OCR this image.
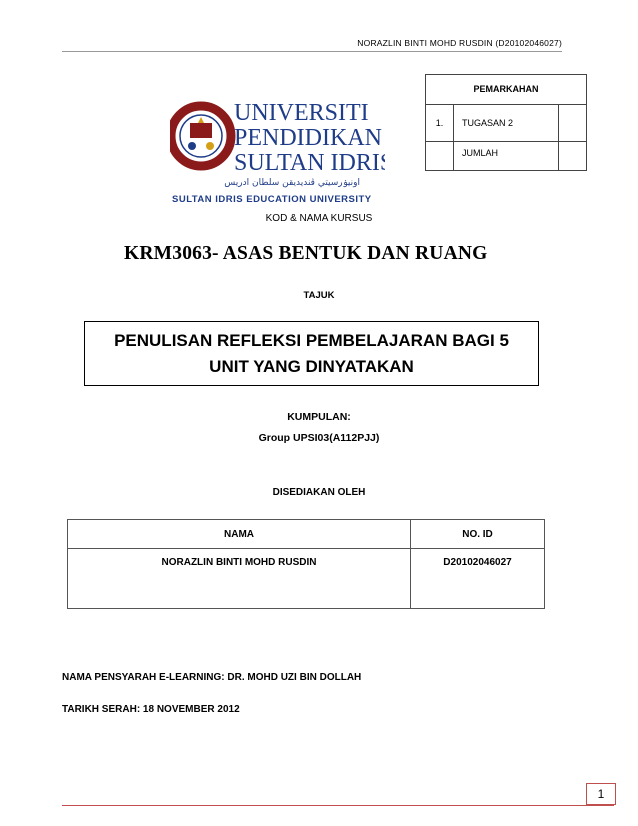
NORAZLIN BINTI MOHD RUSDIN (D20102046027)
PEMARKAHAN		
1.	TUGASAN 2	
	JUMLAH	
UNIVERSITI
PENDIDIKAN
SULTAN IDRIS
اونيۏرسيتي ڤنديديقن سلطان ادريس
SULTAN IDRIS EDUCATION UNIVERSITY
KOD & NAMA KURSUS
KRM3063- ASAS BENTUK DAN RUANG
TAJUK
PENULISAN REFLEKSI PEMBELAJARAN BAGI 5
UNIT YANG DINYATAKAN
KUMPULAN:
Group UPSI03(A112PJJ)
DISEDIAKAN OLEH
NAMA	NO. ID
NORAZLIN BINTI MOHD RUSDIN	D20102046027
NAMA PENSYARAH E-LEARNING: DR. MOHD UZI BIN DOLLAH
TARIKH SERAH: 18 NOVEMBER 2012
1
